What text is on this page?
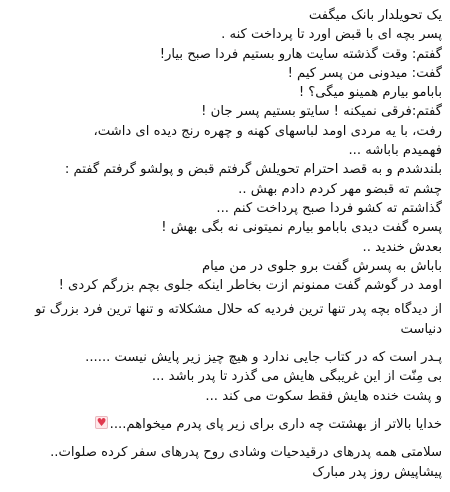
یک تحویلدار بانک میگفت
پسر بچه ای با قبض اورد تا پرداخت کنه .
گفتم: وقت گذشته سایت هارو بستیم فردا صبح بیار!
گفت: میدونی من پسر کیم !
بابامو بیارم همینو میگی؟ !
گفتم:فرقی نمیکنه ! سایتو بستیم پسر جان !
رفت، با یه مردی اومد لباسهای کهنه و چهره رنج دیده ای داشت،
فهمیدم باباشه ...
بلندشدم و به قصد احترام تحویلش گرفتم قبض و پولشو گرفتم گفتم :
چشم ته قبضو مهر کردم دادم بهش ..
گذاشتم ته کشو فردا صبح پرداخت کنم ...
پسره گفت دیدی بابامو بیارم نمیتونی نه بگی بهش !
بعدش خندید ..
باباش به پسرش گفت برو جلوی در من میام
اومد در گوشم گفت ممنونم ازت بخاطر اینکه جلوی بچم بزرگم کردی !
از دیدگاه بچه پدر تنها ترین فردیه که حلال مشکلاته و تنها ترین فرد بزرگ تو دنیاست
پـدر است که در کتاب جایی ندارد و هیچ چیز زیر پایش نیست ......
بی مِنّت از این غریبگی هایش می گذرد تا پدر باشد ...
و پشت خنده هایش فقط سکوت می کند ...
خدایا بالاتر از بهشتت چه داری برای زیر پای پدرم میخواهم....♥
سلامتی همه پدرهای درقیدحیات وشادی روح پدرهای سفر کرده صلوات..
پیشاپیش روز پدر مبارک
